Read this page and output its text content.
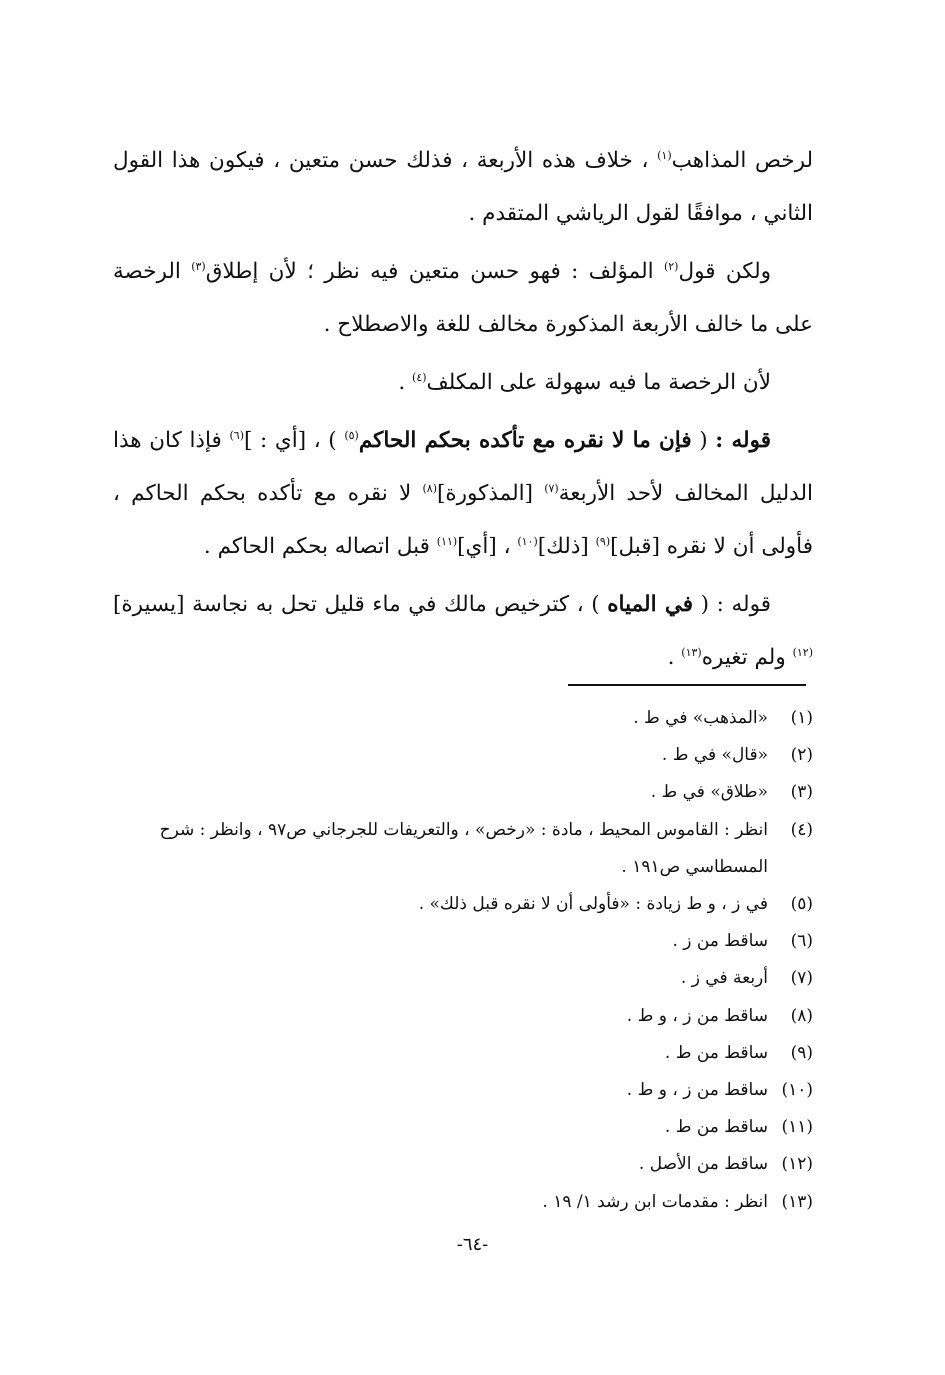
لرخص المذاهب$^{(١)}$ ، خلاف هذه الأربعة ، فذلك حسن متعين ، فيكون هذا القول الثاني ، موافقًا لقول الرياشي المتقدم .

ولكن قول$^{(٢)}$ المؤلف : فهو حسن متعين فيه نظر ؛ لأن إطلاق$^{(٣)}$ الرخصة على ما خالف الأربعة المذكورة مخالف للغة والاصطلاح .

لأن الرخصة ما فيه سهولة على المكلف$^{(٤)}$ .

قوله : ( فإن ما لا نقره مع تأكده بحكم الحاكم$^{(٥)}$ ) ، [أي : ]$^{(٦)}$ فإذا كان هذا الدليل المخالف لأحد الأربعة$^{(٧)}$ [المذكورة]$^{(٨)}$ لا نقره مع تأكده بحكم الحاكم ، فأولى أن لا نقره [قبل]$^{(٩)}$ [ذلك]$^{(١٠)}$ ، [أي]$^{(١١)}$ قبل اتصاله بحكم الحاكم .

قوله : ( في المياه ) ، كترخيص مالك في ماء قليل تحل به نجاسة [يسيرة]$^{(١٢)}$ ولم تغيره$^{(١٣)}$ .

(١)
«المذهب» في ط .
(٢)
«قال» في ط .
(٣)
«طلاق» في ط .
(٤)
انظر : القاموس المحيط ، مادة : «رخص» ، والتعريفات للجرجاني ص٩٧ ، وانظر : شرح المسطاسي ص١٩١ .
(٥)
في ز ، و ط زيادة : «فأولى أن لا نقره قبل ذلك» .
(٦)
ساقط من ز .
(٧)
أربعة في ز .
(٨)
ساقط من ز ، و ط .
(٩)
ساقط من ط .
(١٠)
ساقط من ز ، و ط .
(١١)
ساقط من ط .
(١٢)
ساقط من الأصل .
(١٣)
انظر : مقدمات ابن رشد ١/ ١٩ .
-٦٤-
